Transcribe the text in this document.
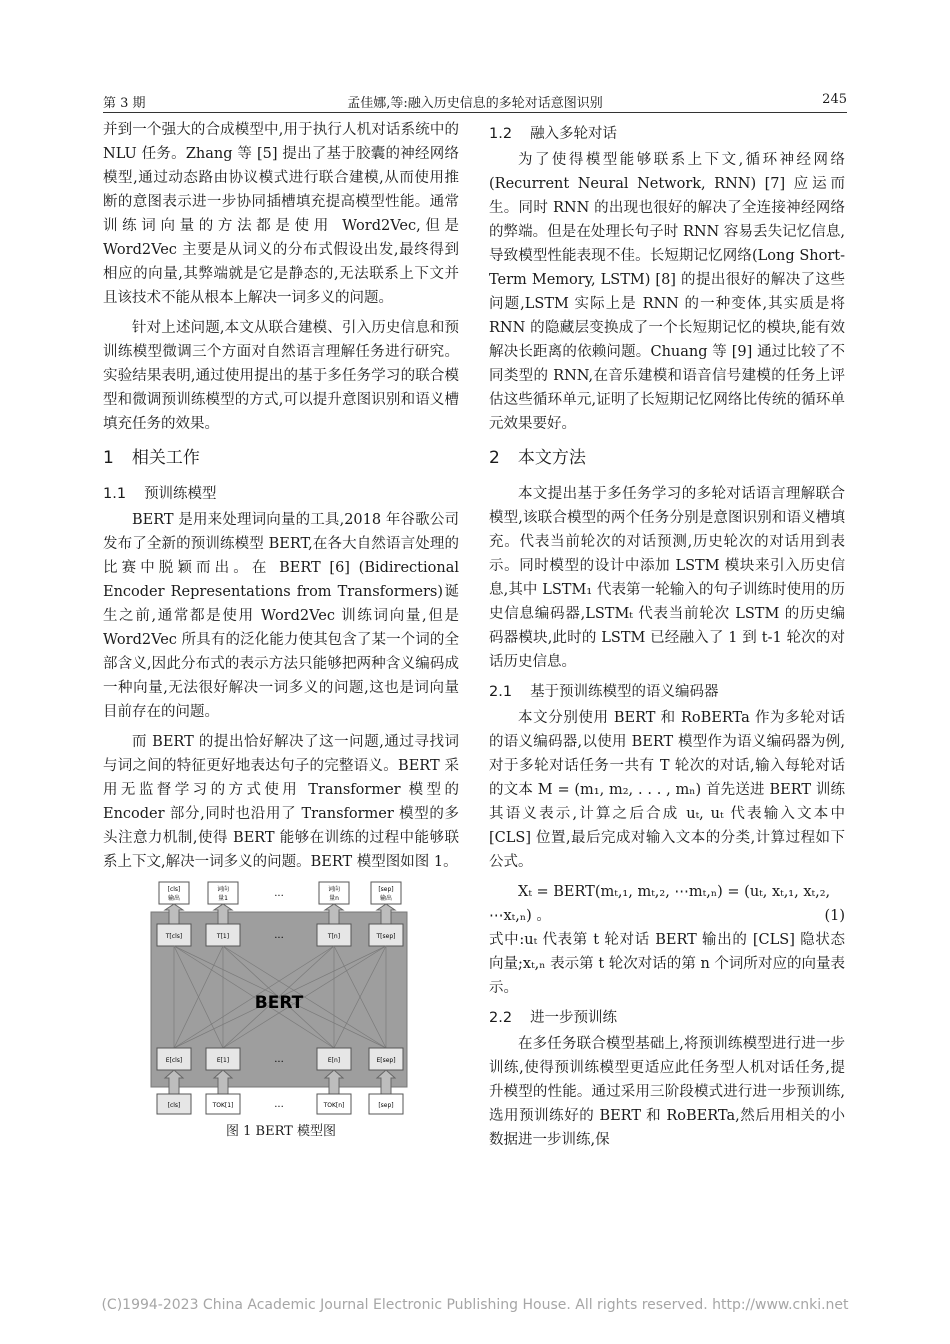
第 3 期	孟佳娜,等:融入历史信息的多轮对话意图识别	245

并到一个强大的合成模型中,用于执行人机对话系统中的 NLU 任务。Zhang 等 [5] 提出了基于胶囊的神经网络模型,通过动态路由协议模式进行联合建模,从而使用推断的意图表示进一步协同插槽填充提高模型性能。通常训练词向量的方法都是使用 Word2Vec,但是 Word2Vec 主要是从词义的分布式假设出发,最终得到相应的向量,其弊端就是它是静态的,无法联系上下文并且该技术不能从根本上解决一词多义的问题。

针对上述问题,本文从联合建模、引入历史信息和预训练模型微调三个方面对自然语言理解任务进行研究。实验结果表明,通过使用提出的基于多任务学习的联合模型和微调预训练模型的方式,可以提升意图识别和语义槽填充任务的效果。

1 相关工作
1.1 预训练模型

BERT 是用来处理词向量的工具,2018 年谷歌公司发布了全新的预训练模型 BERT,在各大自然语言处理的比赛中脱颖而出。在 BERT [6] (Bidirectional Encoder Representations from Transformers)诞生之前,通常都是使用 Word2Vec 训练词向量,但是 Word2Vec 所具有的泛化能力使其包含了某一个词的全部含义,因此分布式的表示方法只能够把两种含义编码成一种向量,无法很好解决一词多义的问题,这也是词向量目前存在的问题。

而 BERT 的提出恰好解决了这一问题,通过寻找词与词之间的特征更好地表达句子的完整语义。BERT 采用无监督学习的方式使用 Transformer 模型的 Encoder 部分,同时也沿用了 Transformer 模型的多头注意力机制,使得 BERT 能够在训练的过程中能够联系上下文,解决一词多义的问题。BERT 模型图如图 1。

[cls]
输出
词向
量1
词向
量n
[sep]
输出
...
T[cls]	T[1]	T[n]	T[sep]
...
BERT
E[cls]	E[1]	E[n]	E[sep]
...
[cls]	TOK[1]	TOK[n]	[sep]
...
图 1 BERT 模型图
1.2 融入多轮对话

为了使得模型能够联系上下文,循环神经网络(Recurrent Neural Network, RNN) [7] 应运而生。同时 RNN 的出现也很好的解决了全连接神经网络的弊端。但是在处理长句子时 RNN 容易丢失记忆信息,导致模型性能表现不佳。长短期记忆网络(Long Short-Term Memory, LSTM) [8] 的提出很好的解决了这些问题,LSTM 实际上是 RNN 的一种变体,其实质是将 RNN 的隐藏层变换成了一个长短期记忆的模块,能有效解决长距离的依赖问题。Chuang 等 [9] 通过比较了不同类型的 RNN,在音乐建模和语音信号建模的任务上评估这些循环单元,证明了长短期记忆网络比传统的循环单元效果要好。

2 本文方法

本文提出基于多任务学习的多轮对话语言理解联合模型,该联合模型的两个任务分别是意图识别和语义槽填充。代表当前轮次的对话预测,历史轮次的对话用到表示。同时模型的设计中添加 LSTM 模块来引入历史信息,其中 LSTM₁ 代表第一轮输入的句子训练时使用的历史信息编码器,LSTMₜ 代表当前轮次 LSTM 的历史编码器模块,此时的 LSTM 已经融入了 1 到 t-1 轮次的对话历史信息。

2.1 基于预训练模型的语义编码器

本文分别使用 BERT 和 RoBERTa 作为多轮对话的语义编码器,以使用 BERT 模型作为语义编码器为例,对于多轮对话任务一共有 T 轮次的对话,输入每轮对话的文本 M = (m₁, m₂, . . . , mₙ) 首先送进 BERT 训练其语义表示,计算之后合成 uₜ, uₜ 代表输入文本中 [CLS] 位置,最后完成对输入文本的分类,计算过程如下公式。

Xₜ = BERT(mₜ,₁, mₜ,₂, ⋯mₜ,ₙ) = (uₜ, xₜ,₁, xₜ,₂, ⋯xₜ,ₙ) 。	(1)

式中:uₜ 代表第 t 轮对话 BERT 输出的 [CLS] 隐状态向量;xₜ,ₙ 表示第 t 轮次对话的第 n 个词所对应的向量表示。

2.2 进一步预训练

在多任务联合模型基础上,将预训练模型进行进一步训练,使得预训练模型更适应此任务型人机对话任务,提升模型的性能。通过采用三阶段模式进行进一步预训练,选用预训练好的 BERT 和 RoBERTa,然后用相关的小数据进一步训练,保

(C)1994-2023 China Academic Journal Electronic Publishing House. All rights reserved. http://www.cnki.net
